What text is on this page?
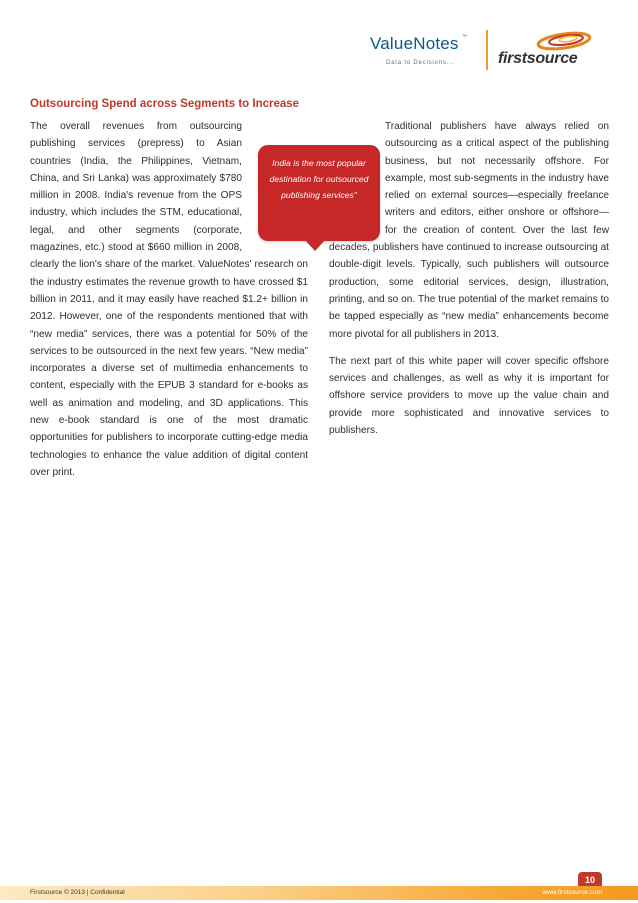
ValueNotes ™
Data to Decisions...	firstsource
Outsourcing Spend across Segments to Increase

The overall revenues from outsourcing publishing services (prepress) to Asian countries (India, the Philippines, Vietnam, China, and Sri Lanka) was approximately $780 million in 2008. India's revenue from the OPS industry, which includes the STM, educational, legal, and other segments (corporate, magazines, etc.) stood at $660 million in 2008, clearly the lion's share of the market. ValueNotes' research on the industry estimates the revenue growth to have crossed $1 billion in 2011, and it may easily have reached $1.2+ billion in 2012. However, one of the respondents mentioned that with “new media” services, there was a potential for 50% of the services to be outsourced in the next few years. “New media” incorporates a diverse set of multimedia enhancements to content, especially with the EPUB 3 standard for e-books as well as animation and modeling, and 3D applications. This new e-book standard is one of the most dramatic opportunities for publishers to incorporate cutting-edge media technologies to enhance the value addition of digital content over print.

Traditional publishers have always relied on outsourcing as a critical aspect of the publishing business, but not necessarily offshore. For example, most sub-segments in the industry have relied on external sources—especially freelance writers and editors, either onshore or offshore—for the creation of content. Over the last few decades, publishers have continued to increase outsourcing at double-digit levels. Typically, such publishers will outsource production, some editorial services, design, illustration, printing, and so on. The true potential of the market remains to be tapped especially as “new media” enhancements become more pivotal for all publishers in 2013.

The next part of this white paper will cover specific offshore services and challenges, as well as why it is important for offshore service providers to move up the value chain and provide more sophisticated and innovative services to publishers.

India is the most popular destination for outsourced publishing services"
10
Firstsource © 2013 | Confidential	www.firstsource.com
